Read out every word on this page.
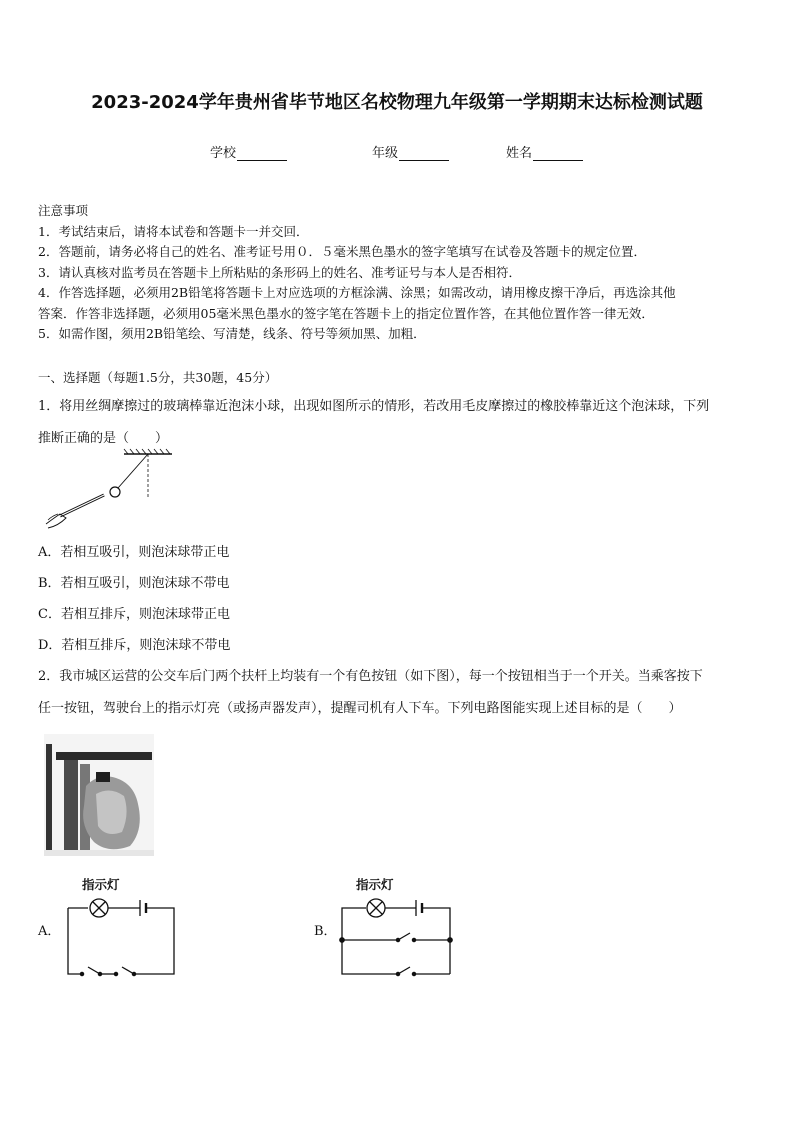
2023-2024学年贵州省毕节地区名校物理九年级第一学期期末达标检测试题
学校	年级	姓名
注意事项
1．考试结束后，请将本试卷和答题卡一并交回．
2．答题前，请务必将自己的姓名、准考证号用０．５毫米黑色墨水的签字笔填写在试卷及答题卡的规定位置．
3．请认真核对监考员在答题卡上所粘贴的条形码上的姓名、准考证号与本人是否相符．
4．作答选择题，必须用2B铅笔将答题卡上对应选项的方框涂满、涂黑；如需改动，请用橡皮擦干净后，再选涂其他
答案．作答非选择题，必须用05毫米黑色墨水的签字笔在答题卡上的指定位置作答，在其他位置作答一律无效．
5．如需作图，须用2B铅笔绘、写清楚，线条、符号等须加黑、加粗．
一、选择题（每题1.5分，共30题，45分）
1．将用丝绸摩擦过的玻璃棒靠近泡沫小球，出现如图所示的情形，若改用毛皮摩擦过的橡胶棒靠近这个泡沫球，下列
推断正确的是（　　）
A．若相互吸引，则泡沫球带正电
B．若相互吸引，则泡沫球不带电
C．若相互排斥，则泡沫球带正电
D．若相互排斥，则泡沫球不带电
2．我市城区运营的公交车后门两个扶杆上均装有一个有色按钮（如下图），每一个按钮相当于一个开关。当乘客按下
任一按钮，驾驶台上的指示灯亮（或扬声器发声），提醒司机有人下车。下列电路图能实现上述目标的是（　　）
指示灯
A．
指示灯
B．
